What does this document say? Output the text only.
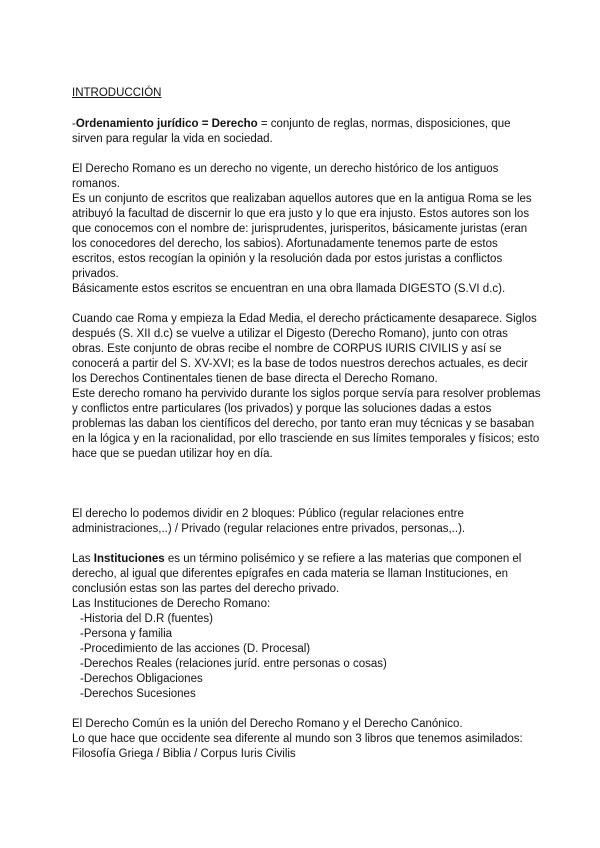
INTRODUCCIÓN

-Ordenamiento jurídico = Derecho = conjunto de reglas, normas, disposiciones, que sirven para regular la vida en sociedad.

El Derecho Romano es un derecho no vigente, un derecho histórico de los antiguos romanos.

Es un conjunto de escritos que realizaban aquellos autores que en la antigua Roma se les atribuyó la facultad de discernir lo que era justo y lo que era injusto. Estos autores son los que conocemos con el nombre de: jurisprudentes, jurisperitos, básicamente juristas (eran los conocedores del derecho, los sabios). Afortunadamente tenemos parte de estos escritos, estos recogían la opinión y la resolución dada por estos juristas a conflictos privados.

Básicamente estos escritos se encuentran en una obra llamada DIGESTO (S.VI d.c).

Cuando cae Roma y empieza la Edad Media, el derecho prácticamente desaparece. Siglos después (S. XII d.c) se vuelve a utilizar el Digesto (Derecho Romano), junto con otras obras. Este conjunto de obras recibe el nombre de CORPUS IURIS CIVILIS y así se conocerá a partir del S. XV-XVI; es la base de todos nuestros derechos actuales, es decir los Derechos Continentales tienen de base directa el Derecho Romano.

Este derecho romano ha pervivido durante los siglos porque servía para resolver problemas y conflictos entre particulares (los privados) y porque las soluciones dadas a estos problemas las daban los científicos del derecho, por tanto eran muy técnicas y se basaban en la lógica y en la racionalidad, por ello trasciende en sus límites temporales y físicos; esto hace que se puedan utilizar hoy en día.

El derecho lo podemos dividir en 2 bloques: Público (regular relaciones entre administraciones,..) / Privado (regular relaciones entre privados, personas,..).

Las Instituciones es un término polisémico y se refiere a las materias que componen el derecho, al igual que diferentes epígrafes en cada materia se llaman Instituciones, en conclusión estas son las partes del derecho privado.

Las Instituciones de Derecho Romano:

-Historia del D.R (fuentes)

-Persona y familia

-Procedimiento de las acciones (D. Procesal)

-Derechos Reales (relaciones juríd. entre personas o cosas)

-Derechos Obligaciones

-Derechos Sucesiones

El Derecho Común es la unión del Derecho Romano y el Derecho Canónico.

Lo que hace que occidente sea diferente al mundo son 3 libros que tenemos asimilados:

Filosofía Griega / Biblia / Corpus Iuris Civilis
